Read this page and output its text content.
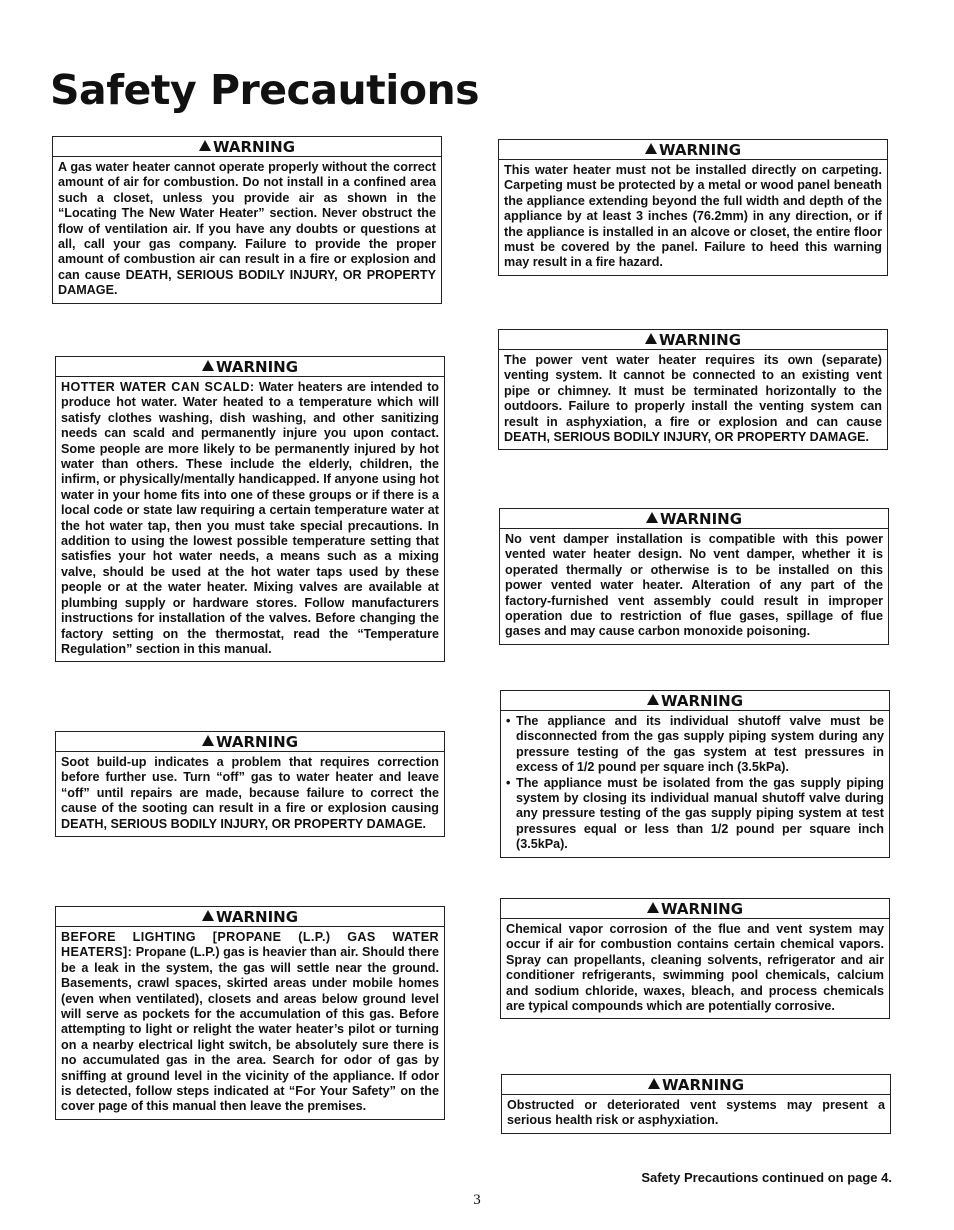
Safety Precautions
WARNING

A gas water heater cannot operate properly without the correct amount of air for combustion. Do not install in a confined area such a closet, unless you provide air as shown in the “Locating The New Water Heater” section. Never obstruct the flow of ventilation air. If you have any doubts or questions at all, call your gas company. Failure to provide the proper amount of combustion air can result in a fire or explosion and can cause DEATH, SERIOUS BODILY INJURY, OR PROPERTY DAMAGE.

WARNING

HOTTER WATER CAN SCALD: Water heaters are intended to produce hot water. Water heated to a temperature which will satisfy clothes washing, dish washing, and other sanitizing needs can scald and permanently injure you upon contact. Some people are more likely to be permanently injured by hot water than others. These include the elderly, children, the infirm, or physically/mentally handicapped. If anyone using hot water in your home fits into one of these groups or if there is a local code or state law requiring a certain temperature water at the hot water tap, then you must take special precautions. In addition to using the lowest possible temperature setting that satisfies your hot water needs, a means such as a mixing valve, should be used at the hot water taps used by these people or at the water heater. Mixing valves are available at plumbing supply or hardware stores. Follow manufacturers instructions for installation of the valves. Before changing the factory setting on the thermostat, read the “Temperature Regulation” section in this manual.

WARNING

Soot build-up indicates a problem that requires correction before further use. Turn “off” gas to water heater and leave “off” until repairs are made, because failure to correct the cause of the sooting can result in a fire or explosion causing DEATH, SERIOUS BODILY INJURY, OR PROPERTY DAMAGE.

WARNING

BEFORE LIGHTING [PROPANE (L.P.) GAS WATER HEATERS]: Propane (L.P.) gas is heavier than air. Should there be a leak in the system, the gas will settle near the ground. Basements, crawl spaces, skirted areas under mobile homes (even when ventilated), closets and areas below ground level will serve as pockets for the accumulation of this gas. Before attempting to light or relight the water heater’s pilot or turning on a nearby electrical light switch, be absolutely sure there is no accumulated gas in the area. Search for odor of gas by sniffing at ground level in the vicinity of the appliance. If odor is detected, follow steps indicated at “For Your Safety” on the cover page of this manual then leave the premises.

WARNING

This water heater must not be installed directly on carpeting. Carpeting must be protected by a metal or wood panel beneath the appliance extending beyond the full width and depth of the appliance by at least 3 inches (76.2mm) in any direction, or if the appliance is installed in an alcove or closet, the entire floor must be covered by the panel. Failure to heed this warning may result in a fire hazard.

WARNING

The power vent water heater requires its own (separate) venting system. It cannot be connected to an existing vent pipe or chimney. It must be terminated horizontally to the outdoors. Failure to properly install the venting system can result in asphyxiation, a fire or explosion and can cause DEATH, SERIOUS BODILY INJURY, OR PROPERTY DAMAGE.

WARNING

No vent damper installation is compatible with this power vented water heater design. No vent damper, whether it is operated thermally or otherwise is to be installed on this power vented water heater. Alteration of any part of the factory-furnished vent assembly could result in improper operation due to restriction of flue gases, spillage of flue gases and may cause carbon monoxide poisoning.

WARNING
• The appliance and its individual shutoff valve must be disconnected from the gas supply piping system during any pressure testing of the gas system at test pressures in excess of 1/2 pound per square inch (3.5kPa).
• The appliance must be isolated from the gas supply piping system by closing its individual manual shutoff valve during any pressure testing of the gas supply piping system at test pressures equal or less than 1/2 pound per square inch (3.5kPa).
WARNING

Chemical vapor corrosion of the flue and vent system may occur if air for combustion contains certain chemical vapors. Spray can propellants, cleaning solvents, refrigerator and air conditioner refrigerants, swimming pool chemicals, calcium and sodium chloride, waxes, bleach, and process chemicals are typical compounds which are potentially corrosive.

WARNING

Obstructed or deteriorated vent systems may present a serious health risk or asphyxiation.

Safety Precautions continued on page 4.

3
